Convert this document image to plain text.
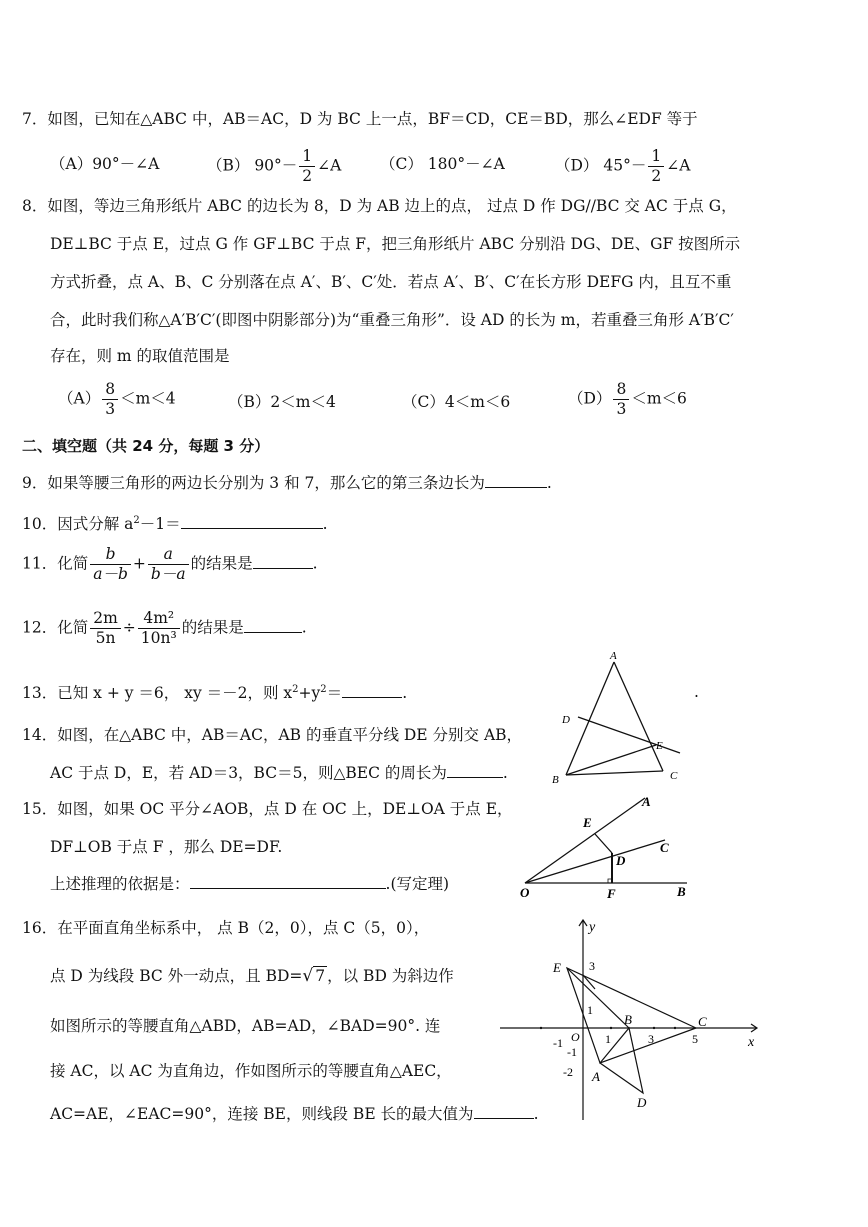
7．如图，已知在△ABC 中，AB＝AC，D 为 BC 上一点，BF＝CD，CE＝BD，那么∠EDF 等于
（A）90°－∠A	（B） $90^\circ- \frac{1}{2}$ ∠A （C） 180°－∠A	（D） $45^\circ- \frac{1}{2}$ ∠A
8．如图，等边三角形纸片 ABC 的边长为 8，D 为 AB 边上的点， 过点 D 作 DG//BC 交 AC 于点 G，
DE⊥BC 于点 E，过点 G 作 GF⊥BC 于点 F，把三角形纸片 ABC 分别沿 DG、DE、GF 按图所示
方式折叠，点 A、B、C 分别落在点 A′、B′、C′处．若点 A′、B′、C′在长方形 DEFG 内，且互不重
合，此时我们称△A′B′C′(即图中阴影部分)为“重叠三角形”．设 AD 的长为 m，若重叠三角形 A′B′C′
存在，则 m 的取值范围是
$(A) \frac{8}{3} <m<4$	（B）2＜m＜4	（C）4＜m＜6	$(D) \frac{8}{3} <m<6$
二、填空题（共 24 分，每题 3 分）
9．如果等腰三角形的两边长分别为 3 和 7，那么它的第三条边长为	.
10．因式分解 $a^2-1=$	.
11．化简 $\frac{b}{a-b} + \frac{a}{b-a}$ 的结果是	.
12．化简 $\frac{2m}{5n} \div \frac{\text{4m²}}{\text{10n³}}$ 的结果是	.
13．已知 x + y ＝6， xy ＝－2，则 $x^2+y^2=$	.
14．如图，在△ABC 中，AB＝AC，AB 的垂直平分线 DE 分别交 AB，
AC 于点 D，E，若 AD＝3，BC＝5，则△BEC 的周长为	.
15．如图，如果 OC 平分∠AOB，点 D 在 OC 上，DE⊥OA 于点 E，
DF⊥OB 于点 F ，那么 DE=DF.
上述推理的依据是：	.(写定理)
16．在平面直角坐标系中， 点 B（2，0），点 C（5，0），
点 D 为线段 BC 外一动点，且 BD=√ 7 ，以 BD 为斜边作
如图所示的等腰直角△ABD，AB=AD，∠BAD=90°. 连
接 AC，以 AC 为直角边，作如图所示的等腰直角△AEC，
AC=AE，∠EAC=90°，连接 BE，则线段 BE 长的最大值为	.
.
A
B	C
D
E
O
A
C
B
E
D
F
y
x
E 3
1
B	C
-1 O
-1
1	3	5
-2 A
D
